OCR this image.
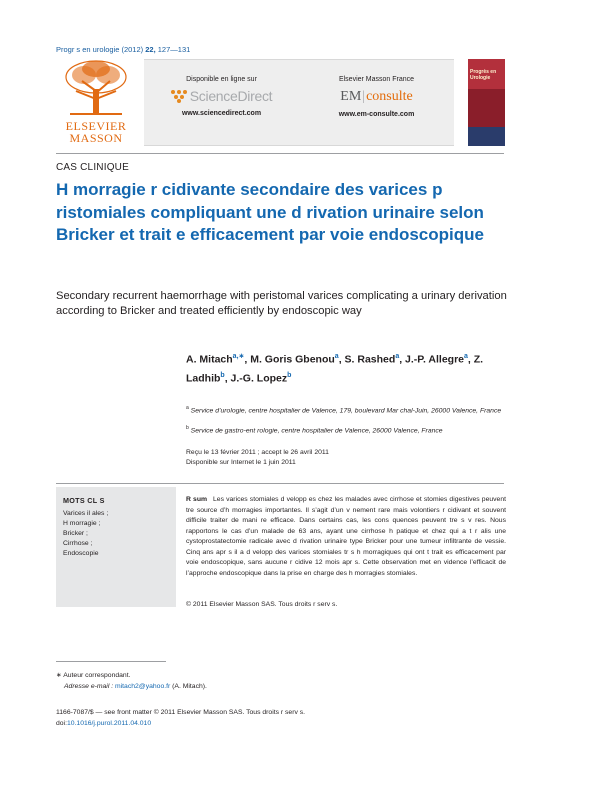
Progr s en urologie (2012) 22, 127—131
ELSEVIER
MASSON
Disponible en ligne sur
ScienceDirect
www.sciencedirect.com
Elsevier Masson France
EM|consulte
www.em-consulte.com
Progrès en Urologie
CAS CLINIQUE
H morragie r cidivante secondaire des varices p ristomiales compliquant une d rivation urinaire selon Bricker et trait e efficacement par voie endoscopique
Secondary recurrent haemorrhage with peristomal varices complicating a urinary derivation according to Bricker and treated efficiently by endoscopic way
A. Mitach$^{a,∗}$, M. Goris Gbenou$^a$, S. Rashed$^a$, J.-P. Allegre$^a$, Z. Ladhib$^b$, J.-G. Lopez$^b$
$^a$ Service d’urologie, centre hospitalier de Valence, 179, boulevard Mar chal-Juin, 26000 Valence, France
$^b$ Service de gastro-ent rologie, centre hospitalier de Valence, 26000 Valence, France
Reçu le 13 février 2011 ; accept le 26 avril 2011
Disponible sur Internet le 1 juin 2011
MOTS CL S
Varices il ales ;
H morragie ;
Bricker ;
Cirrhose ;
Endoscopie
R sum Les varices stomiales d velopp es chez les malades avec cirrhose et stomies digestives peuvent tre source d’h morragies importantes. Il s’agit d’un v nement rare mais volontiers r cidivant et souvent difficile traiter de mani re efficace. Dans certains cas, les cons quences peuvent tre s v res. Nous rapportons le cas d’un malade de 63 ans, ayant une cirrhose h patique et chez qui a t r alis une cystoprostatectomie radicale avec d rivation urinaire type Bricker pour une tumeur infiltrante de vessie. Cinq ans apr s il a d velopp des varices stomiales tr s h morragiques qui ont t trait es efficacement par voie endoscopique, sans aucune r cidive 12 mois apr s. Cette observation met en vidence l’efficacit de l’approche endoscopique dans la prise en charge des h morragies stomiales.
© 2011 Elsevier Masson SAS. Tous droits r serv s.
∗ Auteur correspondant.
Adresse e-mail : mitach2@yahoo.fr (A. Mitach).
1166-7087/$ — see front matter © 2011 Elsevier Masson SAS. Tous droits r serv s.
doi:10.1016/j.purol.2011.04.010
